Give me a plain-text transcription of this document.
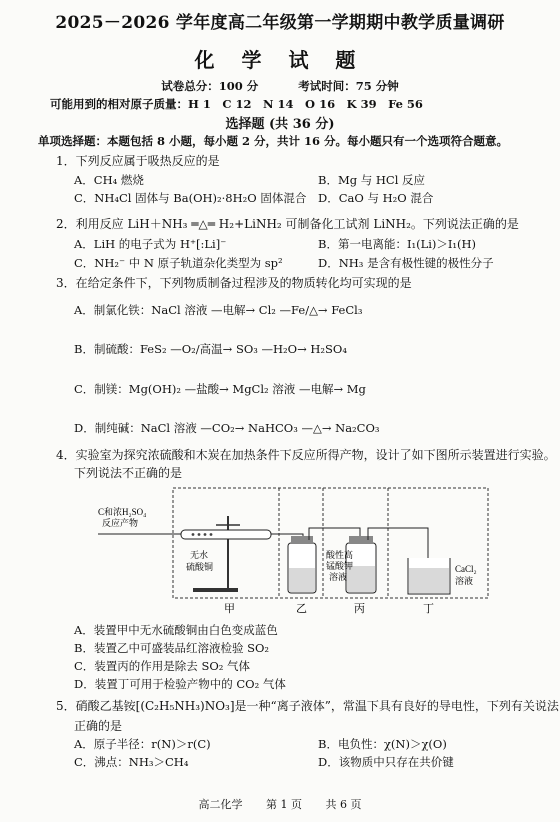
2025－2026 学年度高二年级第一学期期中教学质量调研
化 学 试 题
试卷总分：100 分	考试时间：75 分钟
可能用到的相对原子质量：H 1　C 12　N 14　O 16　K 39　Fe 56
选择题 (共 36 分)
单项选择题：本题包括 8 小题，每小题 2 分，共计 16 分。每小题只有一个选项符合题意。
1．下列反应属于吸热反应的是
A．CH₄ 燃烧	B．Mg 与 HCl 反应
C．NH₄Cl 固体与 Ba(OH)₂·8H₂O 固体混合 D．CaO 与 H₂O 混合
2．利用反应 LiH＋NH₃ ═△═ H₂+LiNH₂ 可制备化工试剂 LiNH₂。下列说法正确的是
A．LiH 的电子式为 H⁺[:Li]⁻	B．第一电离能：I₁(Li)＞I₁(H)
C．NH₂⁻ 中 N 原子轨道杂化类型为 sp²	D．NH₃ 是含有极性键的极性分子
3．在给定条件下，下列物质制备过程涉及的物质转化均可实现的是
A．制氯化铁：NaCl 溶液 —电解→ Cl₂ —Fe/△→ FeCl₃
B．制硫酸：FeS₂ —O₂/高温→ SO₃ —H₂O→ H₂SO₄
C．制镁：Mg(OH)₂ —盐酸→ MgCl₂ 溶液 —电解→ Mg
D．制纯碱：NaCl 溶液 —CO₂→ NaHCO₃ —△→ Na₂CO₃
4．实验室为探究浓硫酸和木炭在加热条件下反应所得产物，设计了如下图所示装置进行实验。
下列说法不正确的是
C和浓H₂SO₄
反应产物
无水
硫酸铜
酸性高
锰酸钾
溶液
CaCl₂
溶液
甲	乙	丙	丁
A．装置甲中无水硫酸铜由白色变成蓝色
B．装置乙中可盛装品红溶液检验 SO₂
C．装置丙的作用是除去 SO₂ 气体
D．装置丁可用于检验产物中的 CO₂ 气体
5．硝酸乙基铵[(C₂H₅NH₃)NO₃]是一种“离子液体”，常温下具有良好的导电性，下列有关说法
正确的是
A．原子半径：r(N)＞r(C)	B．电负性：χ(N)＞χ(O)
C．沸点：NH₃＞CH₄	D．该物质中只存在共价键
高二化学 第 1 页 共 6 页
